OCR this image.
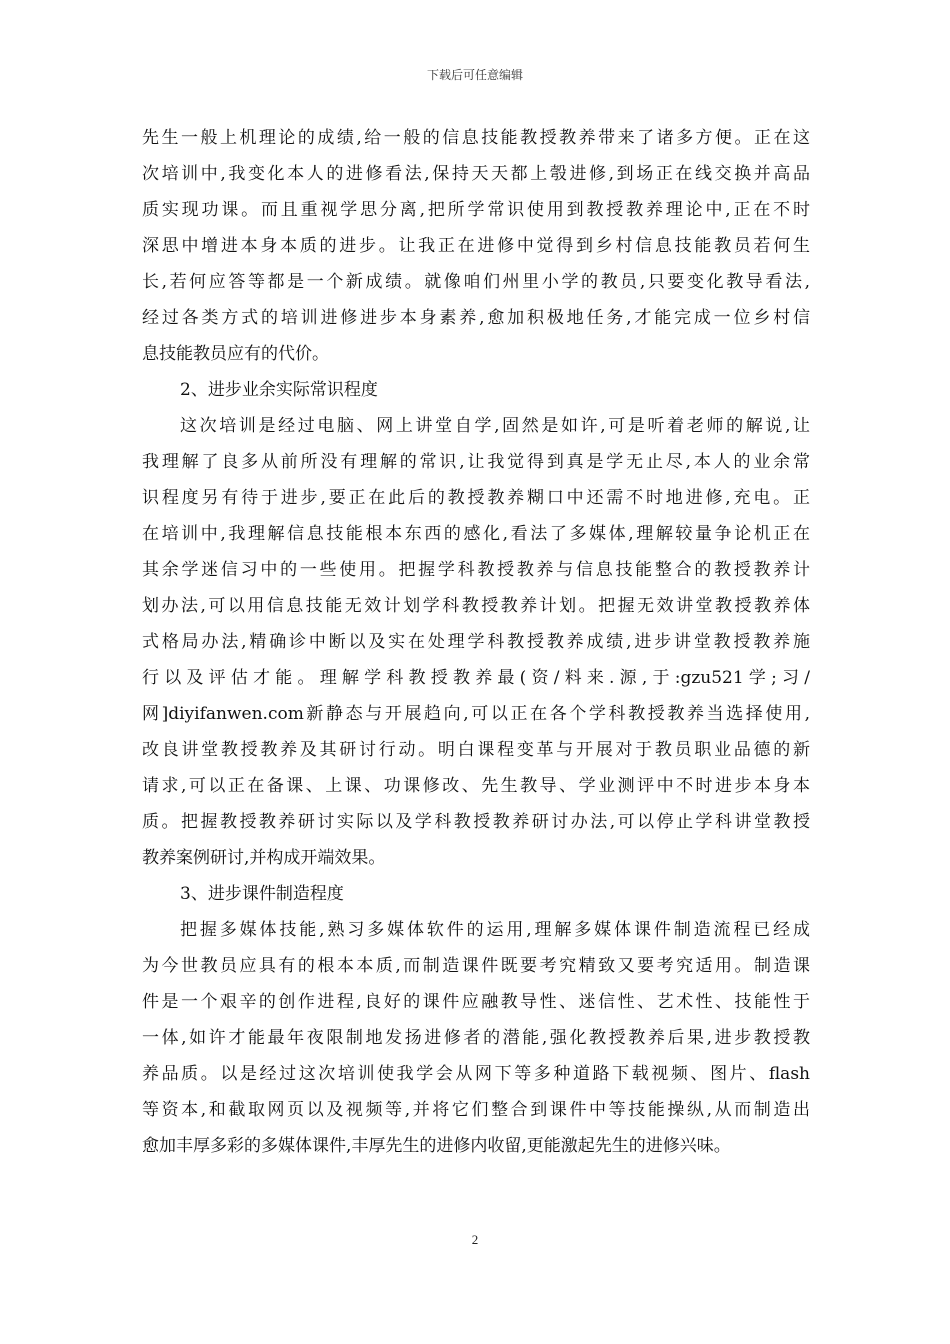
下载后可任意编辑
先生一般上机理论的成绩,给一般的信息技能教授教养带来了诸多方便。正在这
次培训中,我变化本人的进修看法,保持天天都上彀进修,到场正在线交换并高品
质实现功课。而且重视学思分离,把所学常识使用到教授教养理论中,正在不时
深思中增进本身本质的进步。让我正在进修中觉得到乡村信息技能教员若何生
长,若何应答等都是一个新成绩。就像咱们州里小学的教员,只要变化教导看法,
经过各类方式的培训进修进步本身素养,愈加积极地任务,才能完成一位乡村信
息技能教员应有的代价。
2、进步业余实际常识程度
这次培训是经过电脑、网上讲堂自学,固然是如许,可是听着老师的解说,让
我理解了良多从前所没有理解的常识,让我觉得到真是学无止尽,本人的业余常
识程度另有待于进步,要正在此后的教授教养糊口中还需不时地进修,充电。正
在培训中,我理解信息技能根本东西的感化,看法了多媒体,理解较量争论机正在
其余学迷信习中的一些使用。把握学科教授教养与信息技能整合的教授教养计
划办法,可以用信息技能无效计划学科教授教养计划。把握无效讲堂教授教养体
式格局办法,精确诊中断以及实在处理学科教授教养成绩,进步讲堂教授教养施
行以及评估才能。理解学科教授教养最(资/料来.源,于:gzu521学;习/
网]diyifanwen.com新静态与开展趋向,可以正在各个学科教授教养当选择使用,
改良讲堂教授教养及其研讨行动。明白课程变革与开展对于教员职业品德的新
请求,可以正在备课、上课、功课修改、先生教导、学业测评中不时进步本身本
质。把握教授教养研讨实际以及学科教授教养研讨办法,可以停止学科讲堂教授
教养案例研讨,并构成开端效果。
3、进步课件制造程度
把握多媒体技能,熟习多媒体软件的运用,理解多媒体课件制造流程已经成
为今世教员应具有的根本本质,而制造课件既要考究精致又要考究适用。制造课
件是一个艰辛的创作进程,良好的课件应融教导性、迷信性、艺术性、技能性于
一体,如许才能最年夜限制地发扬进修者的潜能,强化教授教养后果,进步教授教
养品质。以是经过这次培训使我学会从网下等多种道路下载视频、图片、flash
等资本,和截取网页以及视频等,并将它们整合到课件中等技能操纵,从而制造出
愈加丰厚多彩的多媒体课件,丰厚先生的进修内收留,更能激起先生的进修兴味。
2
